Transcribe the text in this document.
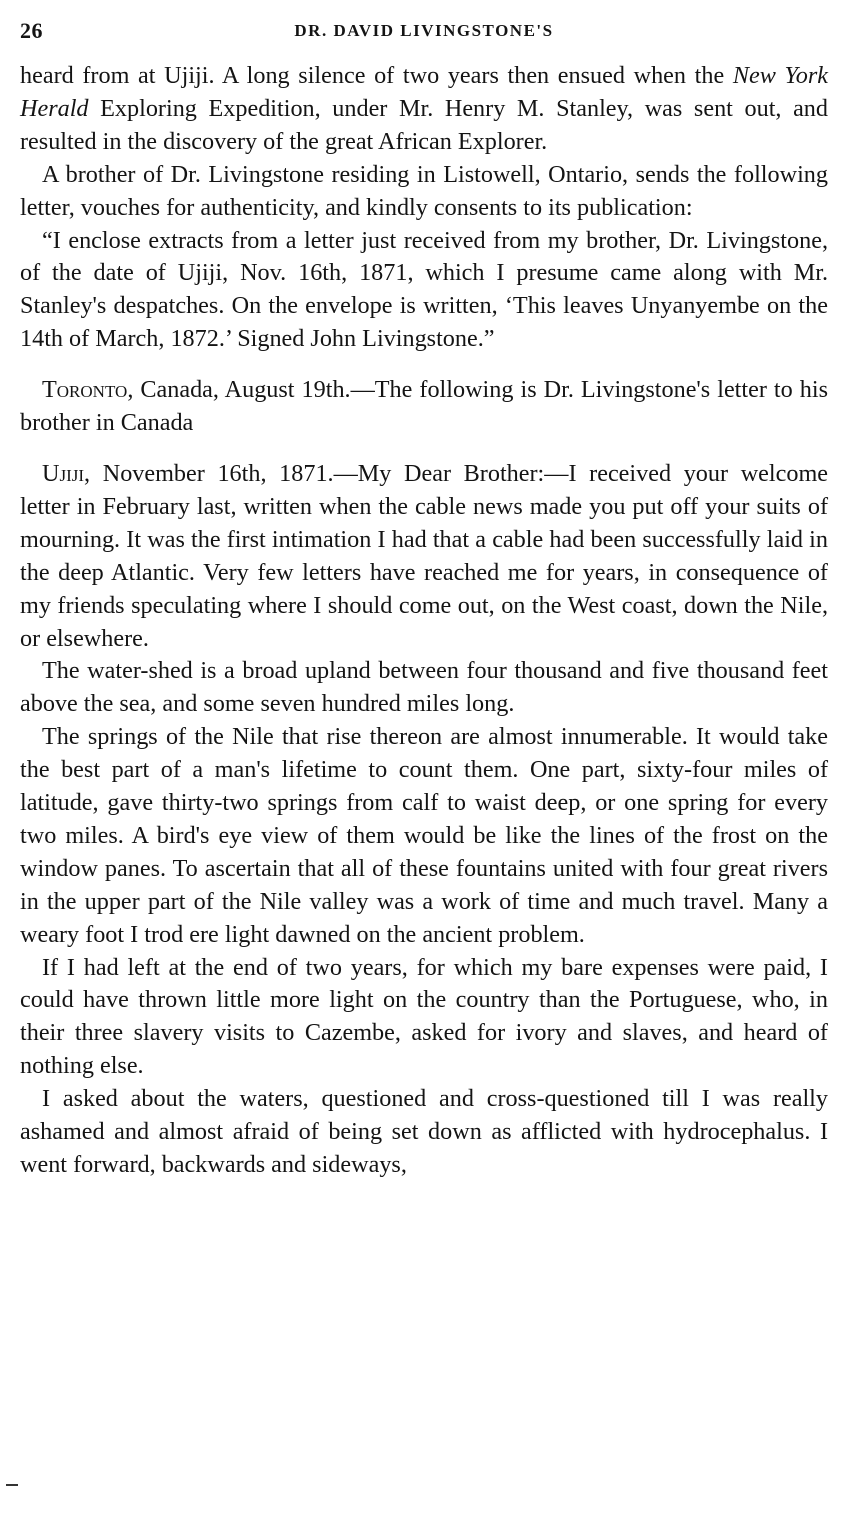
26	DR. DAVID LIVINGSTONE'S

heard from at Ujiji. A long silence of two years then ensued when the New York Herald Exploring Expedition, under Mr. Henry M. Stanley, was sent out, and resulted in the discovery of the great African Explorer.

A brother of Dr. Livingstone residing in Listowell, Ontario, sends the following letter, vouches for authenticity, and kindly consents to its publication:

“I enclose extracts from a letter just received from my brother, Dr. Livingstone, of the date of Ujiji, Nov. 16th, 1871, which I presume came along with Mr. Stanley's despatches. On the envelope is written, ‘This leaves Unyanyembe on the 14th of March, 1872.’ Signed John Livingstone.”

Toronto, Canada, August 19th.—The following is Dr. Livingstone's letter to his brother in Canada

Ujiji, November 16th, 1871.—My Dear Brother:—I received your welcome letter in February last, written when the cable news made you put off your suits of mourning. It was the first intimation I had that a cable had been successfully laid in the deep Atlantic. Very few letters have reached me for years, in consequence of my friends speculating where I should come out, on the West coast, down the Nile, or elsewhere.

The water-shed is a broad upland between four thousand and five thousand feet above the sea, and some seven hundred miles long.

The springs of the Nile that rise thereon are almost innumerable. It would take the best part of a man's lifetime to count them. One part, sixty-four miles of latitude, gave thirty-two springs from calf to waist deep, or one spring for every two miles. A bird's eye view of them would be like the lines of the frost on the window panes. To ascertain that all of these fountains united with four great rivers in the upper part of the Nile valley was a work of time and much travel. Many a weary foot I trod ere light dawned on the ancient problem.

If I had left at the end of two years, for which my bare expenses were paid, I could have thrown little more light on the country than the Portuguese, who, in their three slavery visits to Cazembe, asked for ivory and slaves, and heard of nothing else.

I asked about the waters, questioned and cross-questioned till I was really ashamed and almost afraid of being set down as afflicted with hydrocephalus. I went forward, backwards and sideways,
